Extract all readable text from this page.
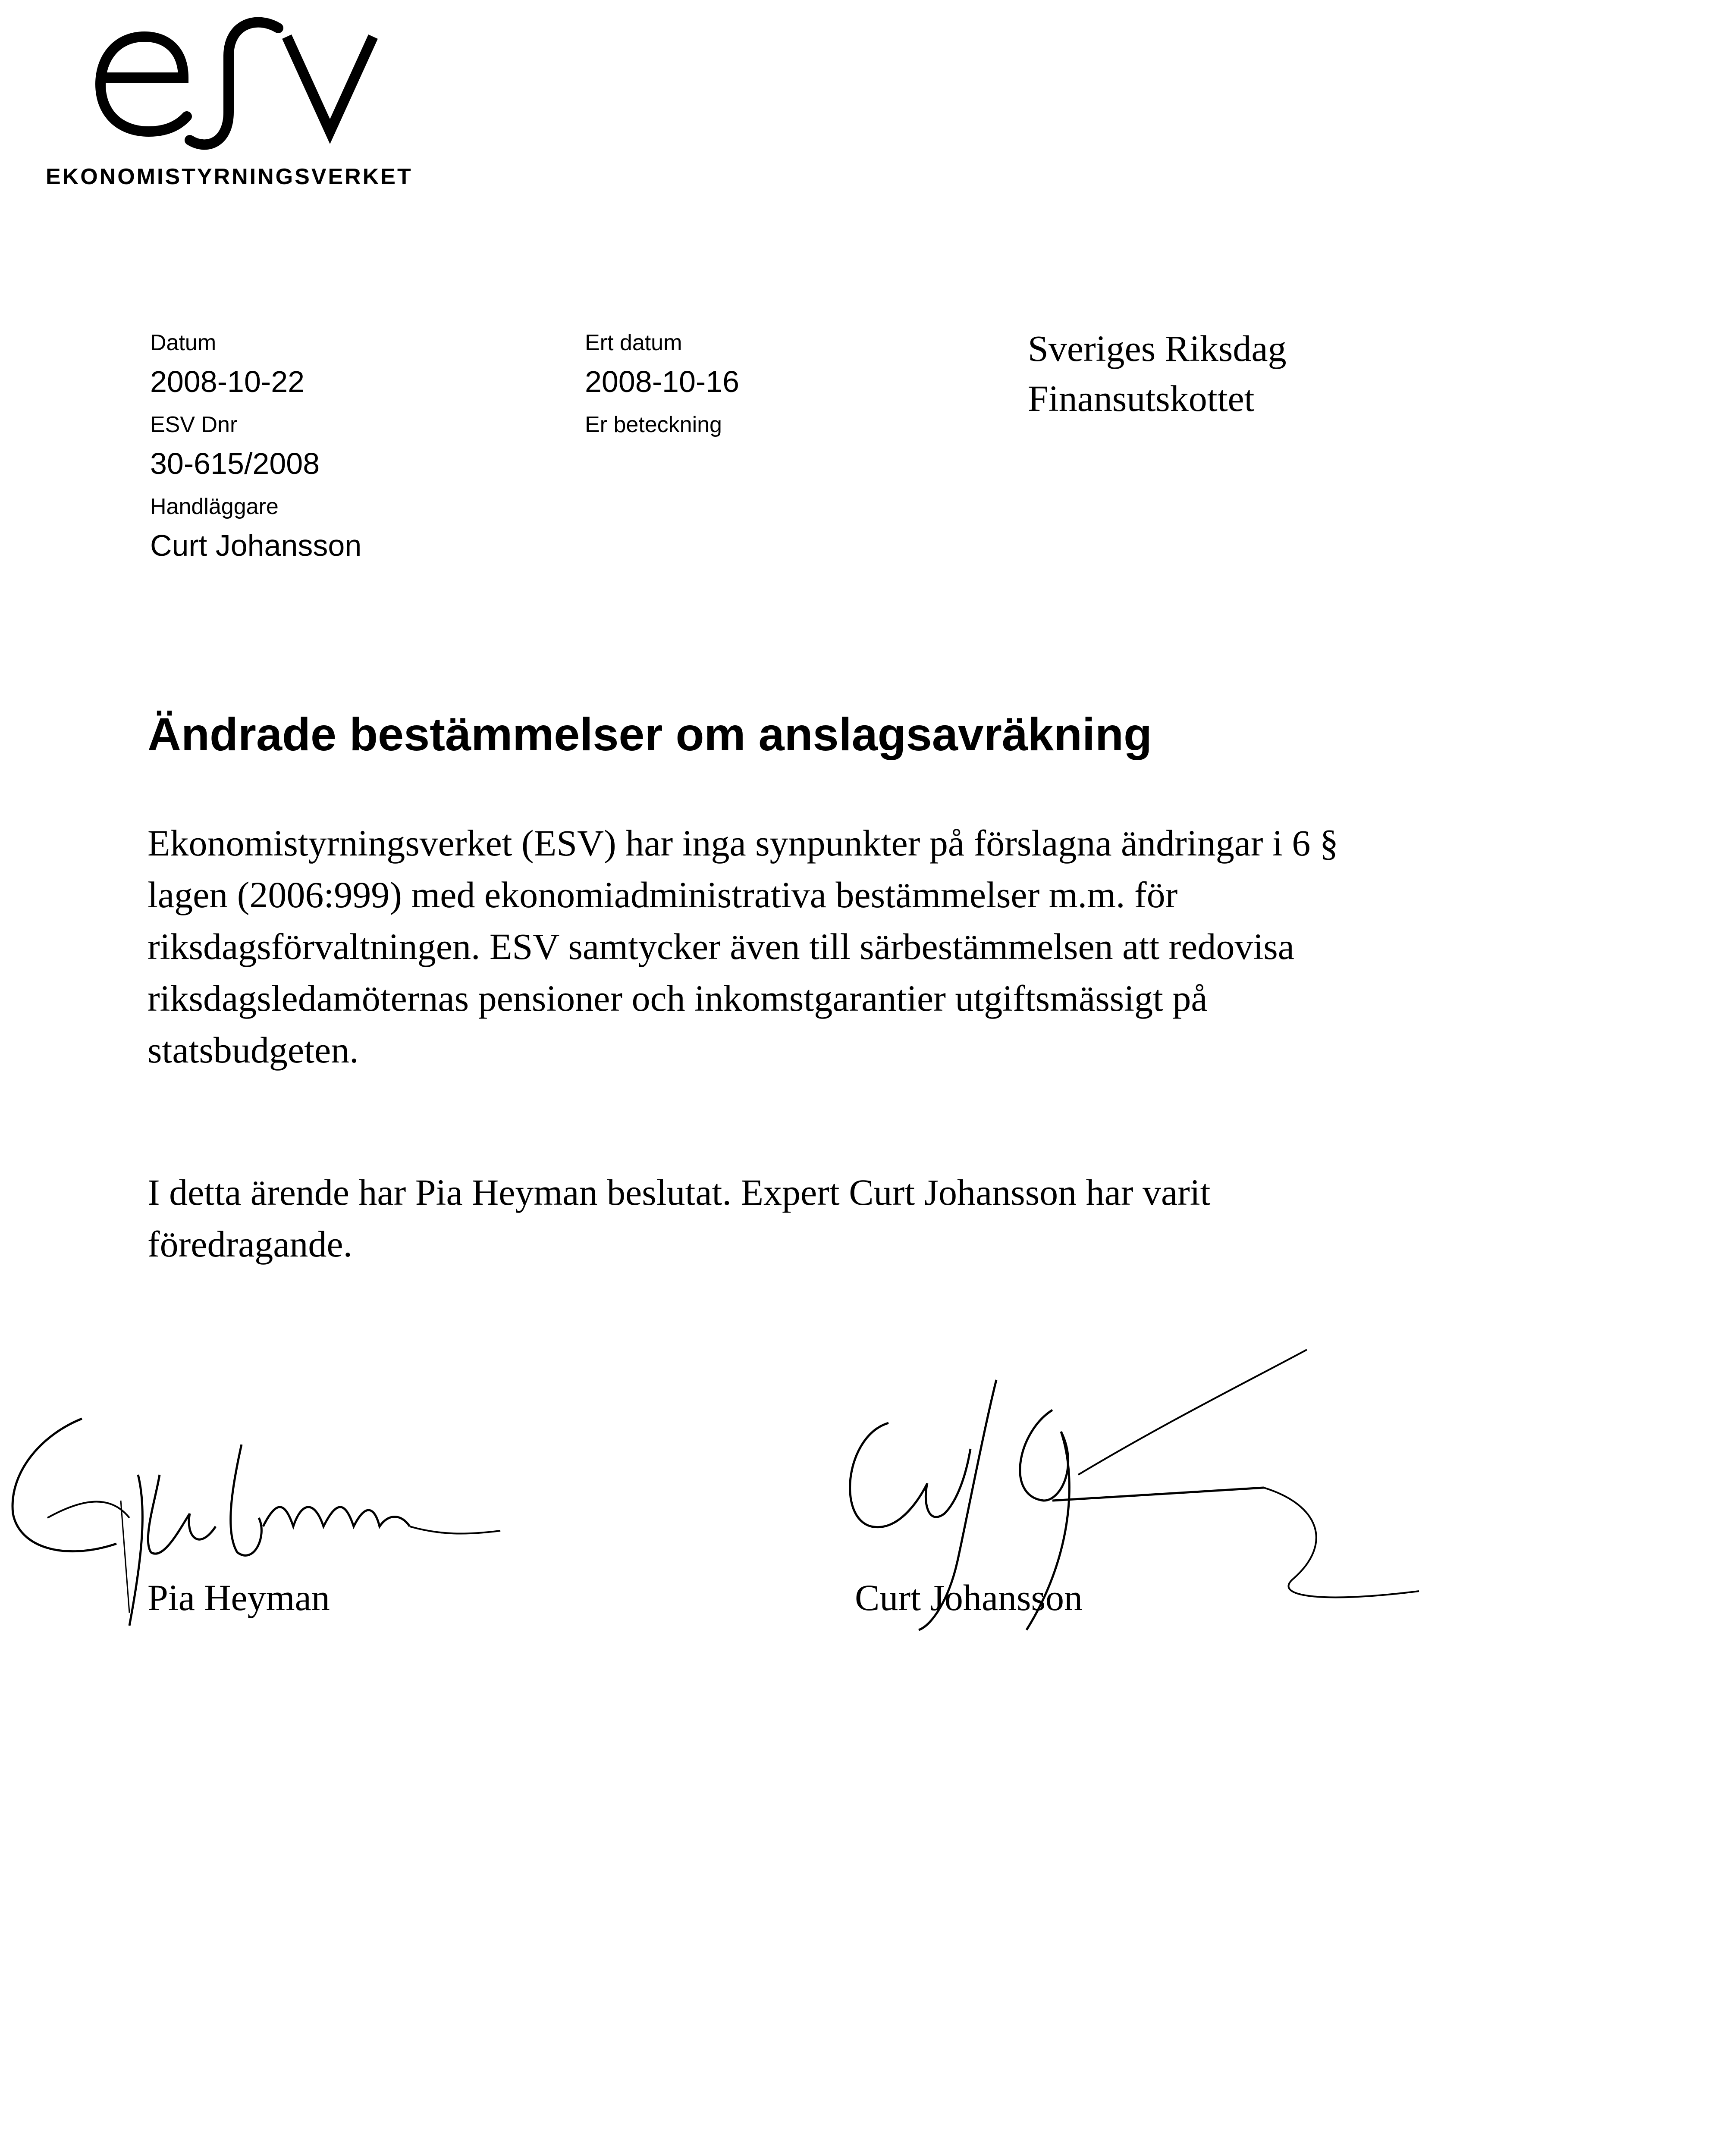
EKONOMISTYRNINGSVERKET
Datum
2008-10-22
ESV Dnr
30-615/2008
Handläggare
Curt Johansson
Ert datum
2008-10-16
Er beteckning
Sveriges Riksdag
Finansutskottet
Ändrade bestämmelser om anslagsavräkning
Ekonomistyrningsverket (ESV) har inga synpunkter på förslagna ändringar i 6 §
lagen (2006:999) med ekonomiadministrativa bestämmelser m.m. för
riksdagsförvaltningen. ESV samtycker även till särbestämmelsen att redovisa
riksdagsledamöternas pensioner och inkomstgarantier utgiftsmässigt på
statsbudgeten.
I detta ärende har Pia Heyman beslutat. Expert Curt Johansson har varit
föredragande.
Pia Heyman	Curt Johansson
